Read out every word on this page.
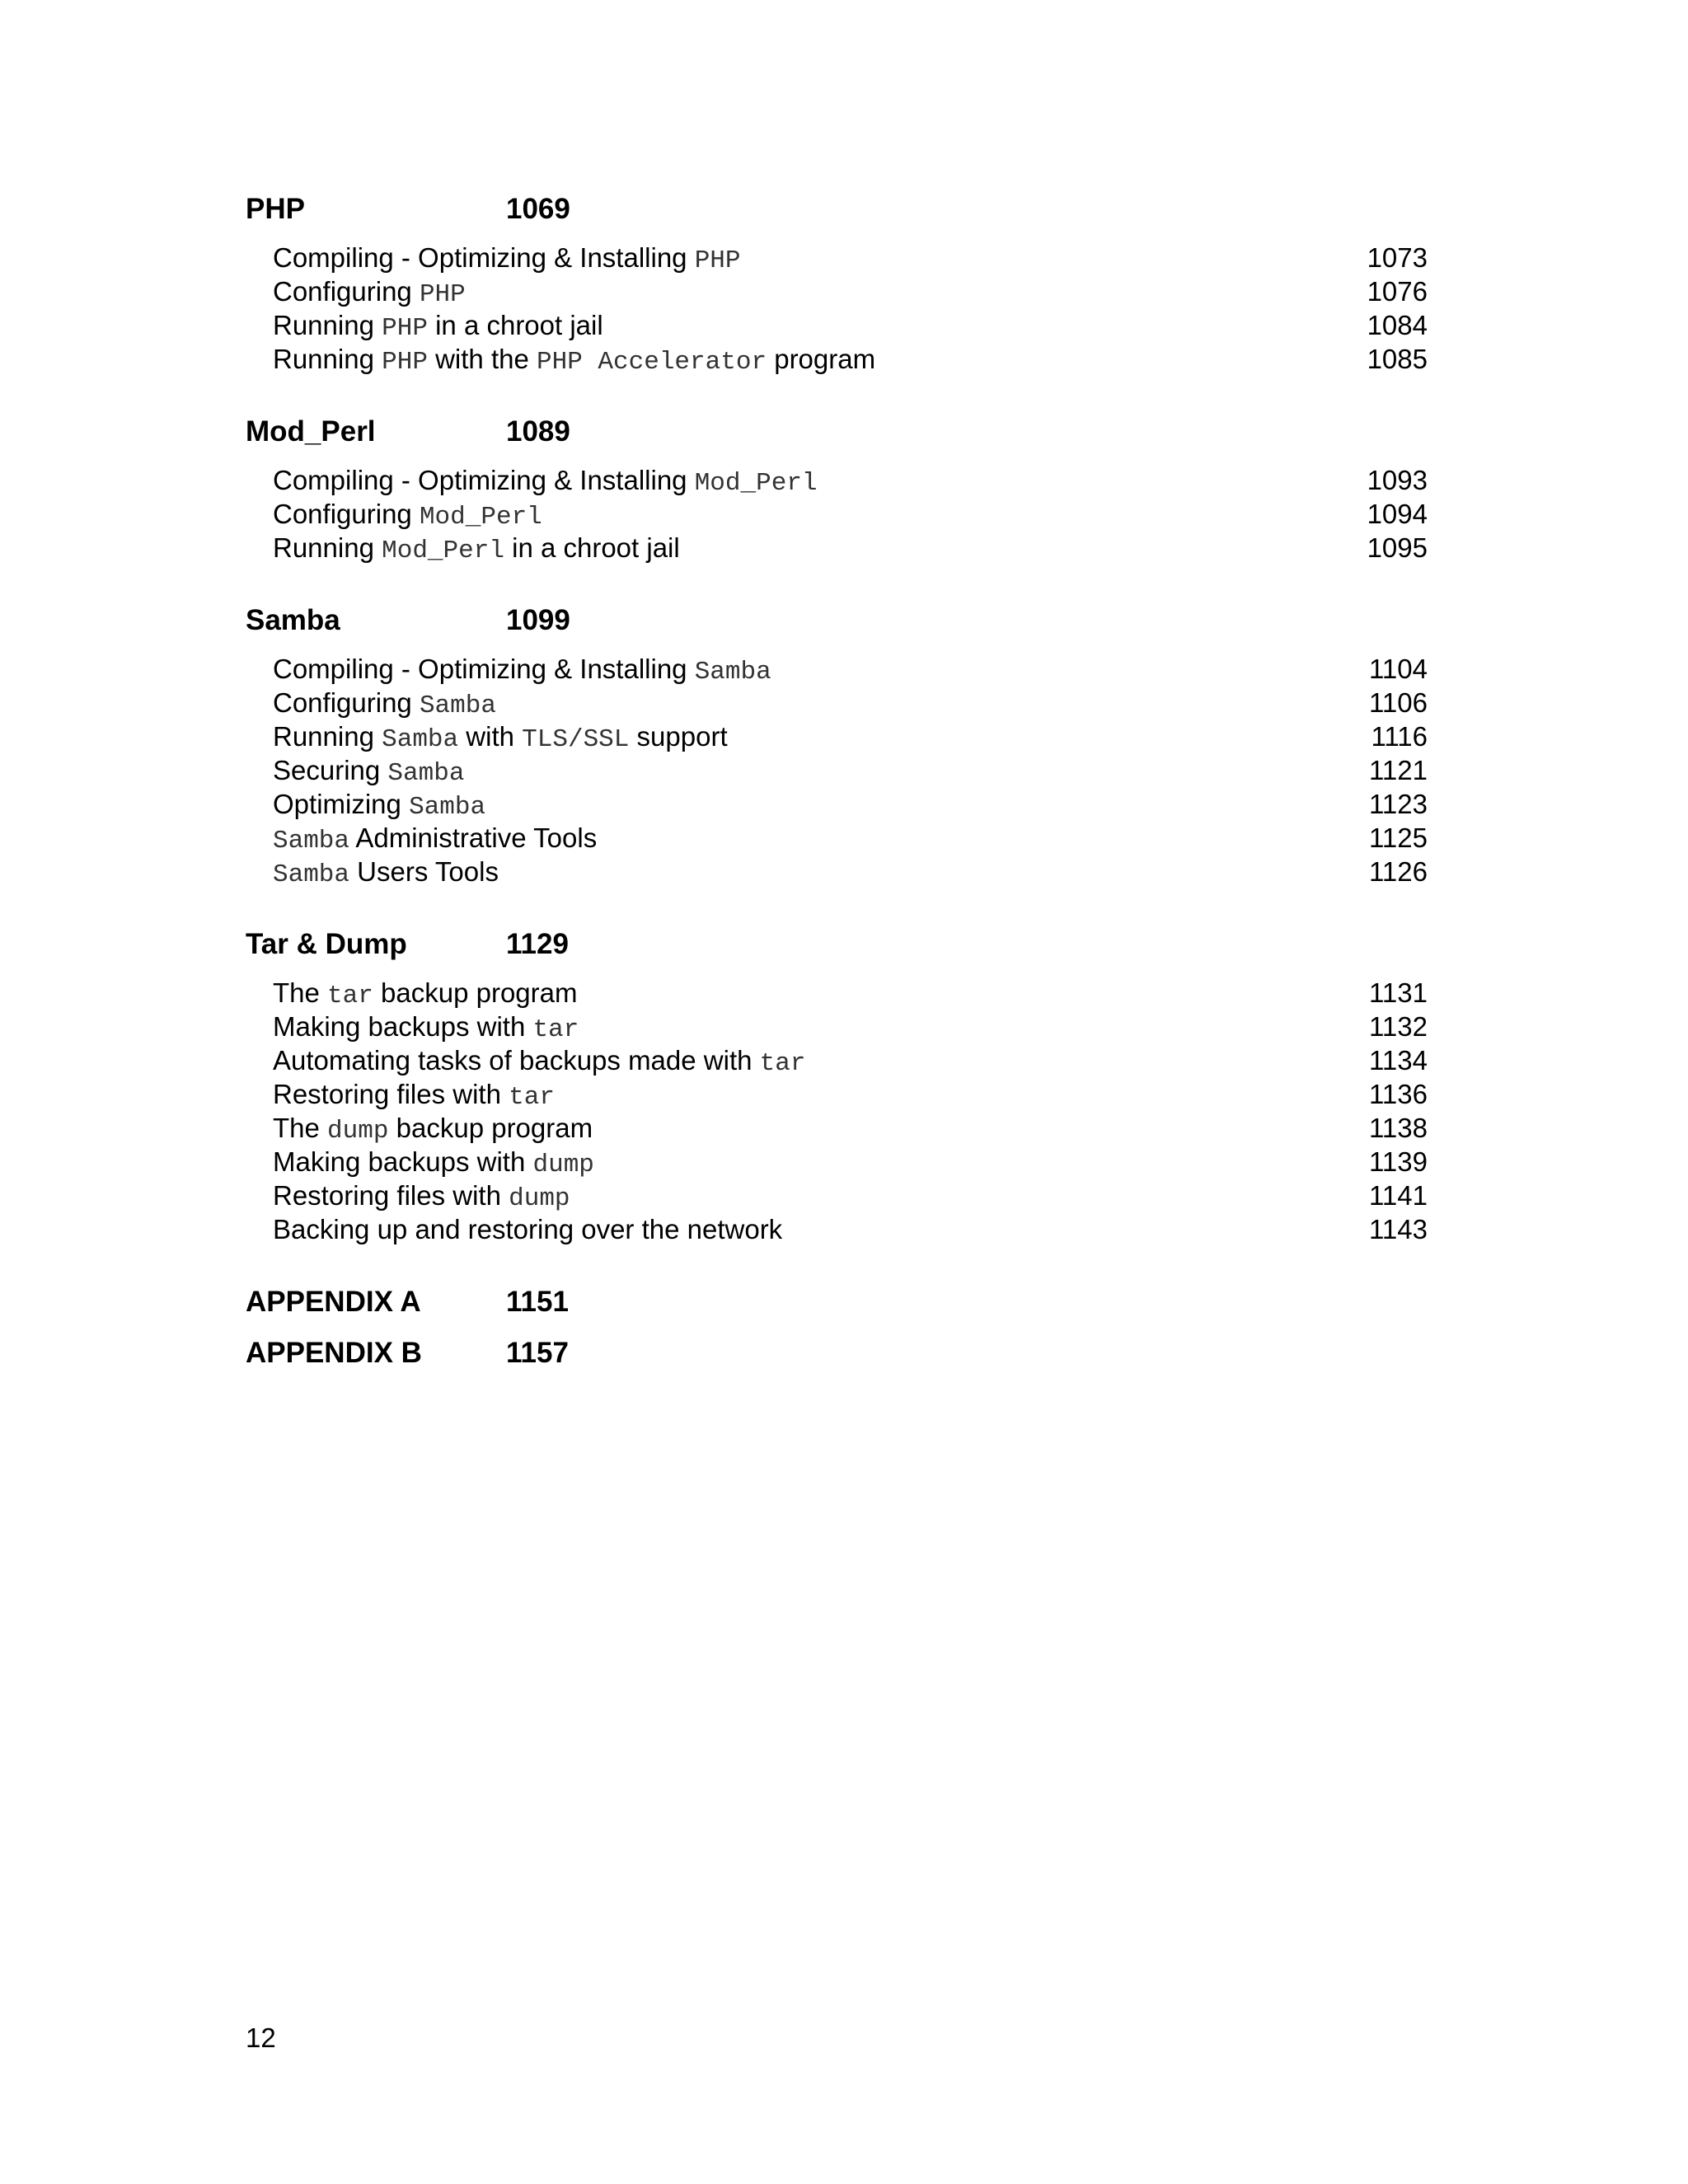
PHP	1069
Compiling - Optimizing & Installing PHP	1073
Configuring PHP	1076
Running PHP in a chroot jail	1084
Running PHP with the PHP Accelerator program	1085
Mod_Perl	1089
Compiling - Optimizing & Installing Mod_Perl	1093
Configuring Mod_Perl	1094
Running Mod_Perl in a chroot jail	1095
Samba	1099
Compiling - Optimizing & Installing Samba	1104
Configuring Samba	1106
Running Samba with TLS/SSL support	1116
Securing Samba	1121
Optimizing Samba	1123
Samba Administrative Tools	1125
Samba Users Tools	1126
Tar & Dump	1129
The tar backup program	1131
Making backups with tar	1132
Automating tasks of backups made with tar	1134
Restoring files with tar	1136
The dump backup program	1138
Making backups with dump	1139
Restoring files with dump	1141
Backing up and restoring over the network	1143
APPENDIX A	1151
APPENDIX B	1157
12
